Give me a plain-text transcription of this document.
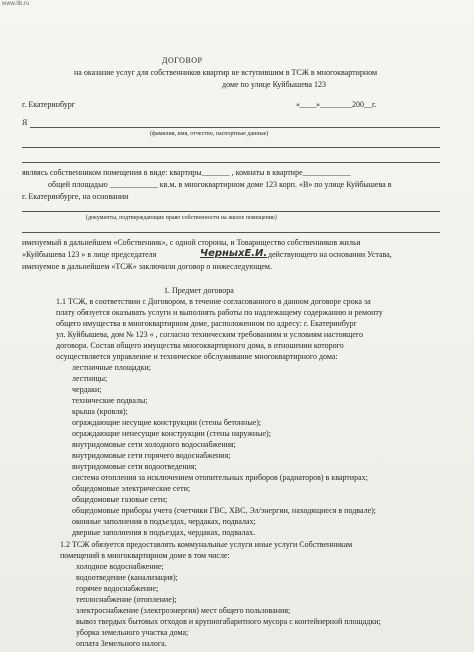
www.lib.ru
ДОГОВОР
на оказание услуг для собственников квартир не вступившим в ТСЖ в многоквартирном
доме по улице Куйбышева 123
г. Екатеринбург	«____»________200__г.
Я
(фамилия, имя, отчество, паспортные данные)
являясь собственником помещения в виде: квартиры_______ , комнаты в квартире____________
общей площадью ____________ кв.м. в многоквартирном доме 123 корп. «В» по улице Куйбышева в
г. Екатеринбурге, на основании
(документы, подтверждающие право собственности на жилое помещение)
именуемый в дальнейшем «Собственник», с одной стороны, и Товарищество собственников жилья
«Куйбышева 123 » в лице председателя	ЧерныхЕ.И. действующего на основании Устава,
именуемое в дальнейшем «ТСЖ» заключили договор о нижеследующем.
1. Предмет договора
1.1 ТСЖ, в соответствии с Договором, в течение согласованного в данном договоре срока за
плату обязуется оказывать услуги и выполнять работы по надлежащему содержанию и ремонту
общего имущества в многоквартирном доме, расположенном по адресу: г. Екатеринбург
ул. Куйбышева, дом № 123 « , согласно техническим требованиям и условиям настоящего
договора. Состав общего имущества многоквартирного дома, в отношении которого
осуществляется управление и техническое обслуживание многоквартирного дома:
лестничные площадки;
лестницы;
чердаки;
технические подвалы;
крыша (кровля);
ограждающие несущие конструкции (стены бетонные);
ограждающие ненесущие конструкции (стены наружные);
внутридомовые сети холодного водоснабжения;
внутридомовые сети горячего водоснабжения;
внутридомовые сети водоотведения;
система отопления за исключением отопительных приборов (радиаторов) в квартирах;
общедомовые электрические сети;
общедомовые газовые сети;
общедомовые приборы учета (счетчики ГВС, ХВС, Эл/энергии, находящиеся в подвале);
оконные заполнения в подъездах, чердаках, подвалах;
дверные заполнения в подъездах, чердаках, подвалах.
1.2 ТСЖ обязуется предоставлять коммунальные услуги иные услуги Собственникам
помещений в многоквартирном доме в том числе:
холодное водоснабжение;
водоотведение (канализация);
горячее водоснабжение;
теплоснабжение (отопление);
электроснабжение (электроэнергия) мест общего пользования;
вывоз твердых бытовых отходов и крупногабаритного мусора с контейнерной площадки;
уборка земельного участка дома;
оплата Земельного налога.
